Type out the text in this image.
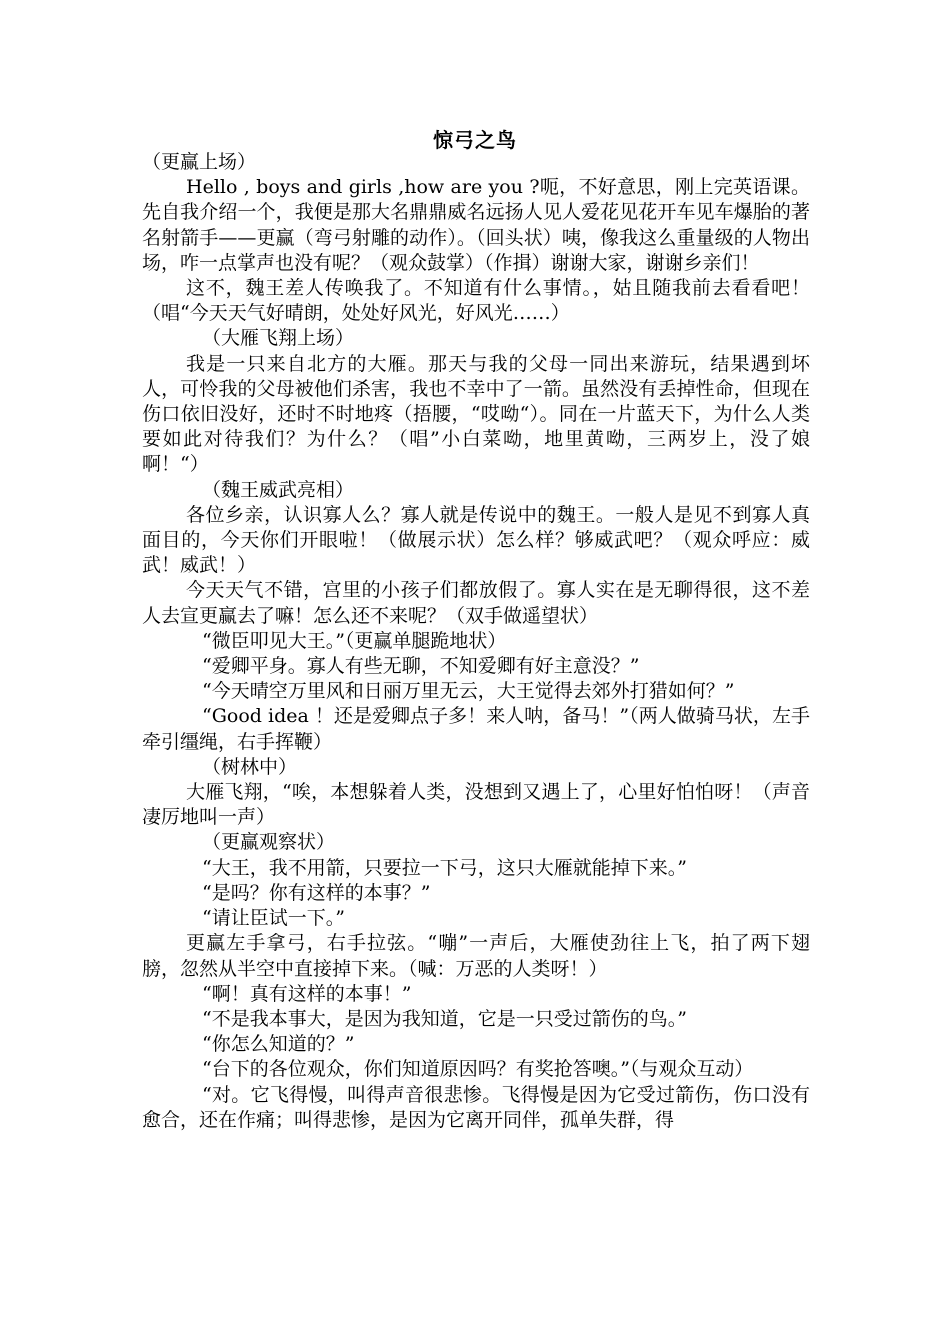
惊弓之鸟

（更赢上场）

Hello , boys and girls ,how are you ?呃，不好意思，刚上完英语课。先自我介绍一个，我便是那大名鼎鼎威名远扬人见人爱花见花开车见车爆胎的著名射箭手——更赢（弯弓射雕的动作）。（回头状）咦，像我这么重量级的人物出场，咋一点掌声也没有呢？（观众鼓掌）（作揖）谢谢大家，谢谢乡亲们！

这不，魏王差人传唤我了。不知道有什么事情。，姑且随我前去看看吧！（唱“今天天气好晴朗，处处好风光，好风光……）

（大雁飞翔上场）

我是一只来自北方的大雁。那天与我的父母一同出来游玩，结果遇到坏人，可怜我的父母被他们杀害，我也不幸中了一箭。虽然没有丢掉性命，但现在伤口依旧没好，还时不时地疼（捂腰，“哎呦“）。同在一片蓝天下，为什么人类要如此对待我们？为什么？（唱”小白菜呦，地里黄呦，三两岁上，没了娘啊！“）

（魏王威武亮相）

各位乡亲，认识寡人么？寡人就是传说中的魏王。一般人是见不到寡人真面目的，今天你们开眼啦！（做展示状）怎么样？够威武吧？（观众呼应：威武！威武！）

今天天气不错，宫里的小孩子们都放假了。寡人实在是无聊得很，这不差人去宣更赢去了嘛！怎么还不来呢？（双手做遥望状）

“微臣叩见大王。”（更赢单腿跪地状）

“爱卿平身。寡人有些无聊，不知爱卿有好主意没？”

“今天晴空万里风和日丽万里无云，大王觉得去郊外打猎如何？”

“Good idea ！还是爱卿点子多！来人呐，备马！”（两人做骑马状，左手牵引缰绳，右手挥鞭）

（树林中）

大雁飞翔，“唉，本想躲着人类，没想到又遇上了，心里好怕怕呀！（声音凄厉地叫一声）

（更赢观察状）

“大王，我不用箭，只要拉一下弓，这只大雁就能掉下来。”

“是吗？你有这样的本事？”

“请让臣试一下。”

更赢左手拿弓，右手拉弦。“嘣”一声后，大雁使劲往上飞，拍了两下翅膀，忽然从半空中直接掉下来。（喊：万恶的人类呀！）

“啊！真有这样的本事！”

“不是我本事大，是因为我知道，它是一只受过箭伤的鸟。”

“你怎么知道的？”

“台下的各位观众，你们知道原因吗？有奖抢答噢。”（与观众互动）

“对。它飞得慢，叫得声音很悲惨。飞得慢是因为它受过箭伤，伤口没有愈合，还在作痛；叫得悲惨，是因为它离开同伴，孤单失群，得
